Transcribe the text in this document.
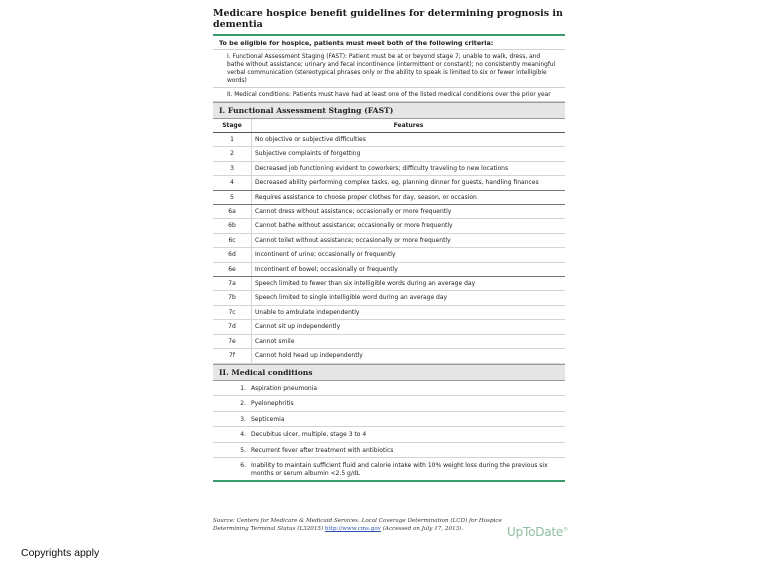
Medicare hospice benefit guidelines for determining prognosis in dementia
To be eligible for hospice, patients must meet both of the following criteria:
I. Functional Assessment Staging (FAST): Patient must be at or beyond stage 7; unable to walk, dress, and bathe without assistance; urinary and fecal incontinence (intermittent or constant); no consistently meaningful verbal communication (stereotypical phrases only or the ability to speak is limited to six or fewer intelligible words)
II. Medical conditions: Patients must have had at least one of the listed medical conditions over the prior year
I. Functional Assessment Staging (FAST)
Stage	Features
1	No objective or subjective difficulties
2	Subjective complaints of forgetting
3	Decreased job functioning evident to coworkers; difficulty traveling to new locations
4	Decreased ability performing complex tasks, eg, planning dinner for guests, handling finances
5	Requires assistance to choose proper clothes for day, season, or occasion
6a	Cannot dress without assistance; occasionally or more frequently
6b	Cannot bathe without assistance; occasionally or more frequently
6c	Cannot toilet without assistance; occasionally or more frequently
6d	Incontinent of urine; occasionally or frequently
6e	Incontinent of bowel; occasionally or frequently
7a	Speech limited to fewer than six intelligible words during an average day
7b	Speech limited to single intelligible word during an average day
7c	Unable to ambulate independently
7d	Cannot sit up independently
7e	Cannot smile
7f	Cannot hold head up independently
II. Medical conditions
1. Aspiration pneumonia
2. Pyelonephritis
3. Septicemia
4. Decubitus ulcer, multiple, stage 3 to 4
5. Recurrent fever after treatment with antibiotics
6. Inability to maintain sufficient fluid and calorie intake with 10% weight loss during the previous six months or serum albumin <2.5 g/dL
Source: Centers for Medicare & Medicaid Services. Local Coverage Determination (LCD) for Hospice Determining Terminal Status (L32015) http://www.cms.gov (Accessed on July 17, 2013).	UpToDate®
Copyrights apply
